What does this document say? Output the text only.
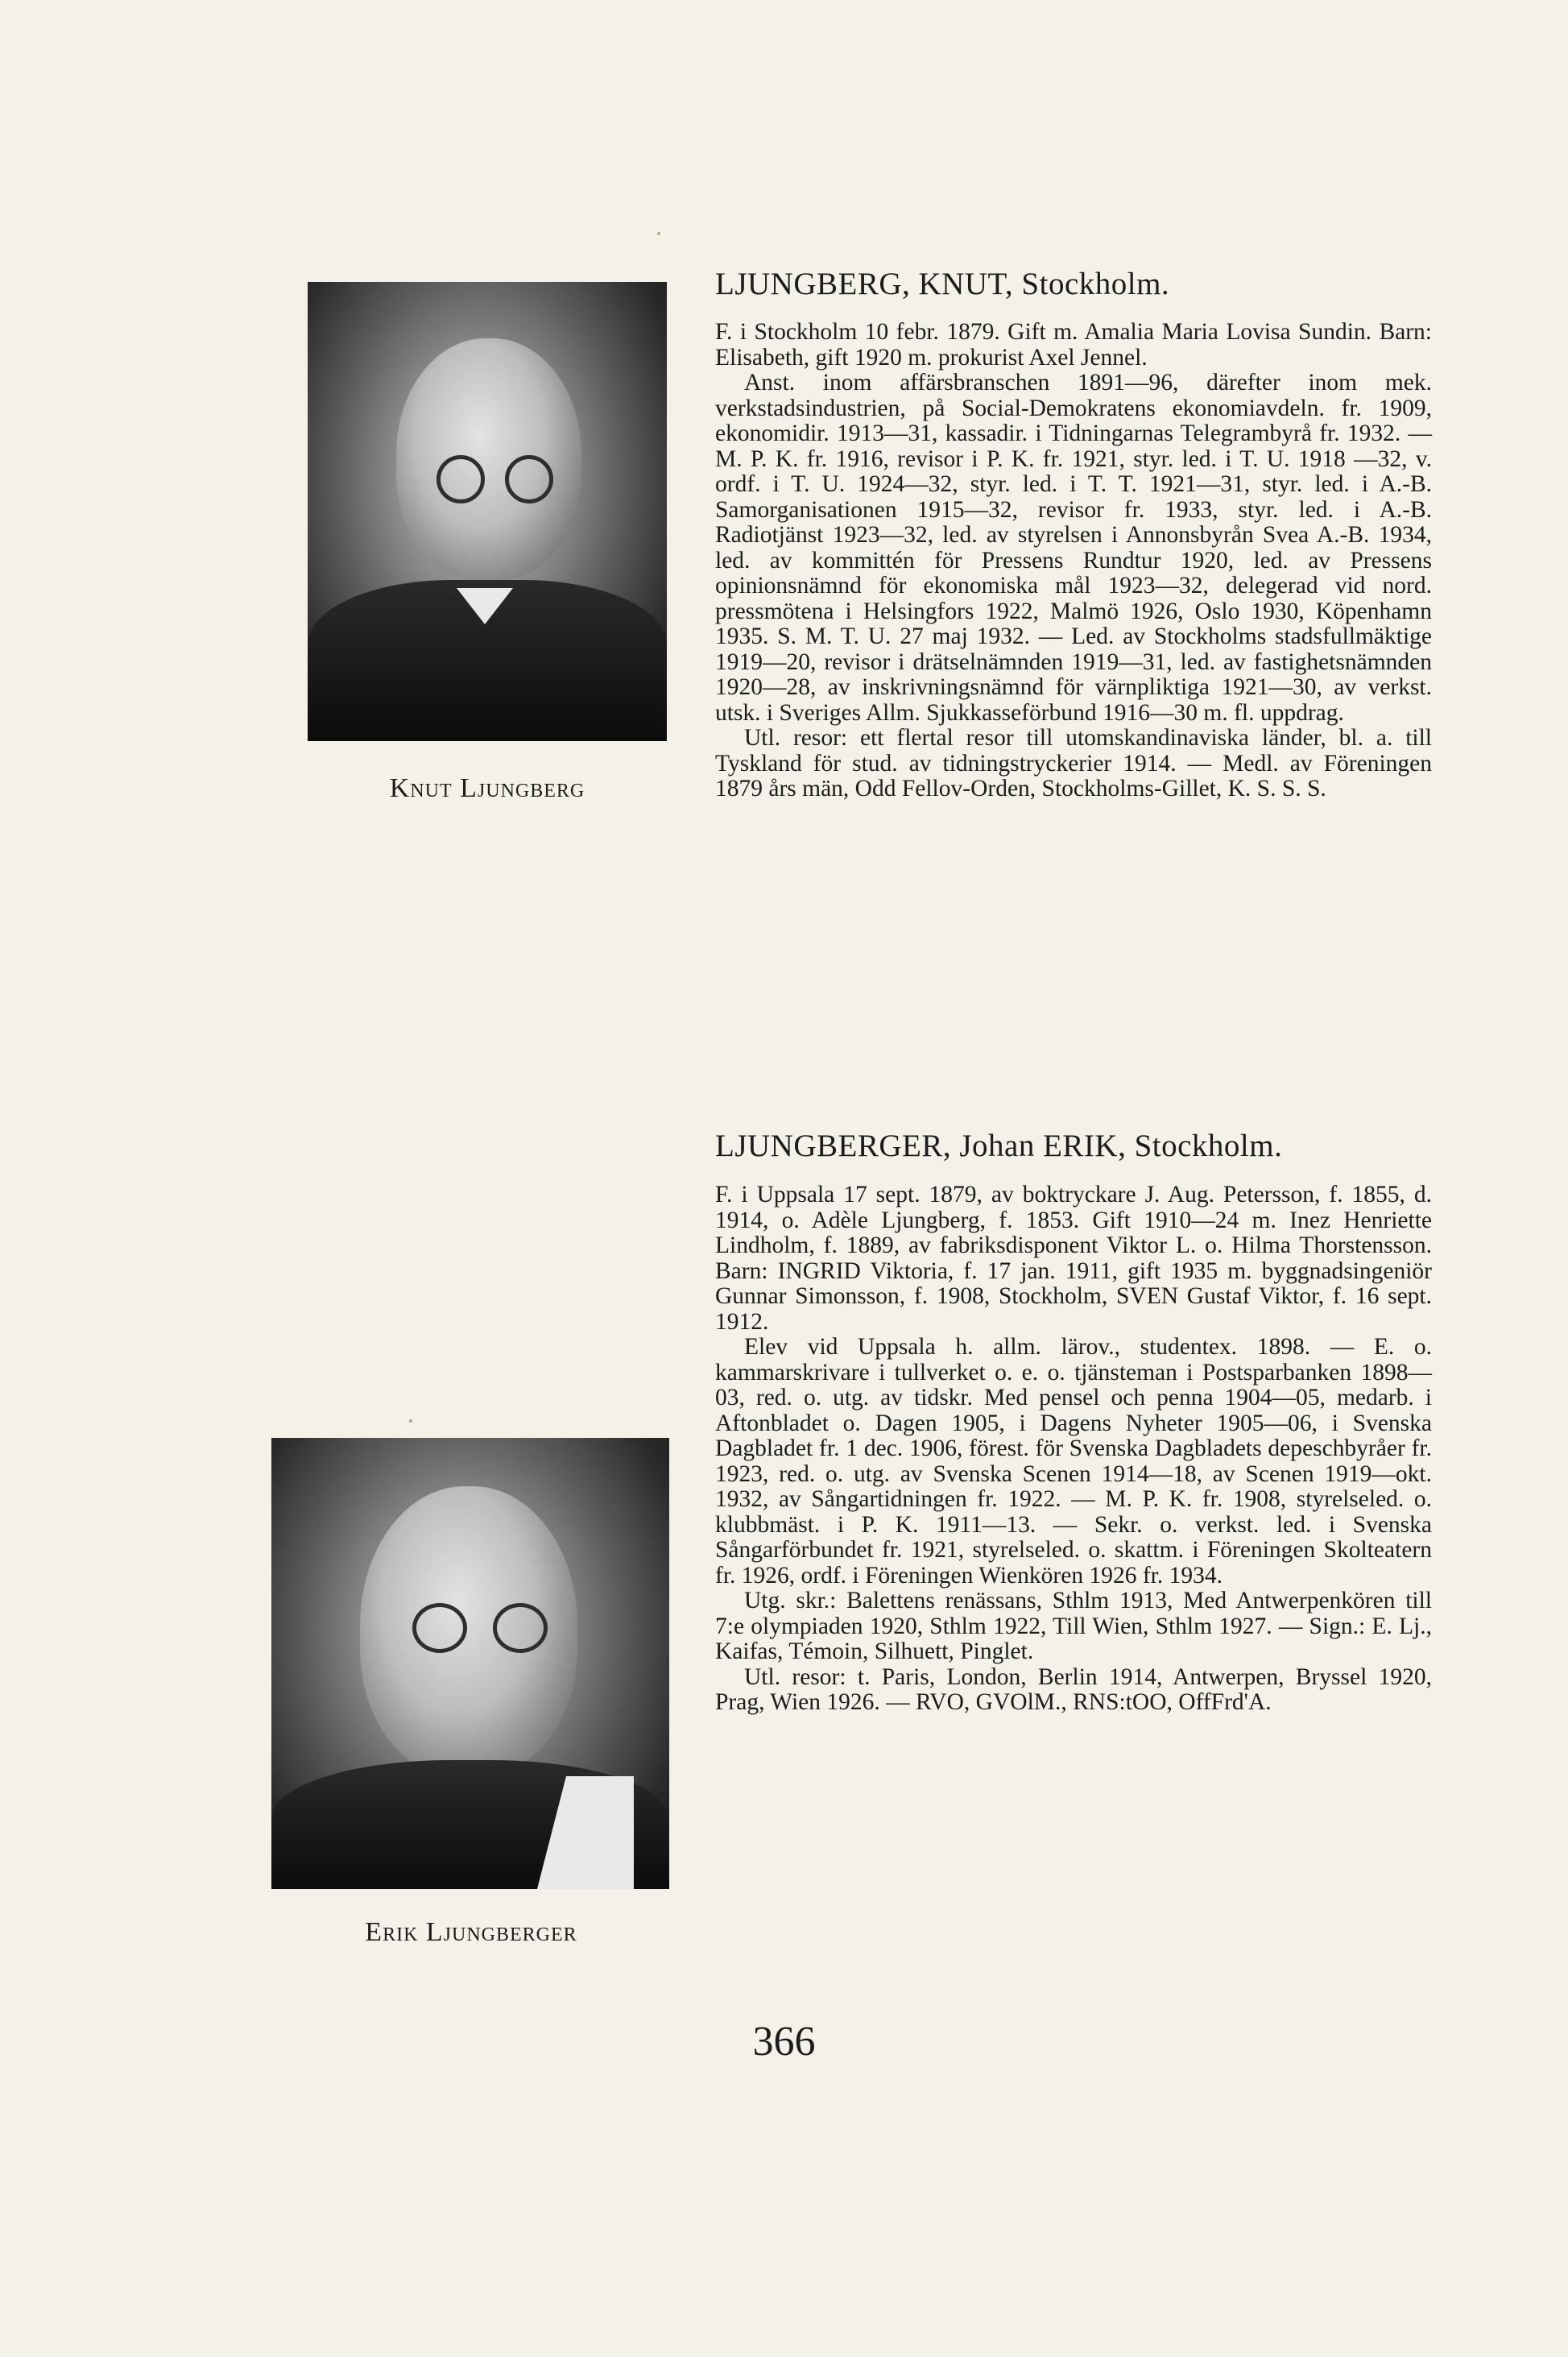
Knut Ljungberg
Erik Ljungberger
LJUNGBERG, KNUT, Stockholm.

F. i Stockholm 10 febr. 1879. Gift m. Amalia Maria Lovisa Sundin. Barn: Elisabeth, gift 1920 m. prokurist Axel Jennel.

Anst. inom affärsbranschen 1891—96, därefter inom mek. verkstadsindustrien, på Social-Demokratens ekonomiavdeln. fr. 1909, ekonomidir. 1913—31, kassadir. i Tidningarnas Telegrambyrå fr. 1932. — M. P. K. fr. 1916, revisor i P. K. fr. 1921, styr. led. i T. U. 1918 —32, v. ordf. i T. U. 1924—32, styr. led. i T. T. 1921—31, styr. led. i A.-B. Samorganisationen 1915—32, revisor fr. 1933, styr. led. i A.-B. Radiotjänst 1923—32, led. av styrelsen i Annonsbyrån Svea A.-B. 1934, led. av kommittén för Pressens Rundtur 1920, led. av Pressens opinionsnämnd för ekonomiska mål 1923—32, delegerad vid nord. pressmötena i Helsingfors 1922, Malmö 1926, Oslo 1930, Köpenhamn 1935. S. M. T. U. 27 maj 1932. — Led. av Stockholms stadsfullmäktige 1919—20, revisor i drätselnämnden 1919—31, led. av fastighetsnämnden 1920—28, av inskrivningsnämnd för värnpliktiga 1921—30, av verkst. utsk. i Sveriges Allm. Sjukkasseförbund 1916—30 m. fl. uppdrag.

Utl. resor: ett flertal resor till utomskandinaviska länder, bl. a. till Tyskland för stud. av tidningstryckerier 1914. — Medl. av Föreningen 1879 års män, Odd Fellov-Orden, Stockholms-Gillet, K. S. S. S.

LJUNGBERGER, Johan ERIK, Stockholm.

F. i Uppsala 17 sept. 1879, av boktryckare J. Aug. Petersson, f. 1855, d. 1914, o. Adèle Ljungberg, f. 1853. Gift 1910—24 m. Inez Henriette Lindholm, f. 1889, av fabriksdisponent Viktor L. o. Hilma Thorstensson. Barn: INGRID Viktoria, f. 17 jan. 1911, gift 1935 m. byggnadsingeniör Gunnar Simonsson, f. 1908, Stockholm, SVEN Gustaf Viktor, f. 16 sept. 1912.

Elev vid Uppsala h. allm. lärov., studentex. 1898. — E. o. kammarskrivare i tullverket o. e. o. tjänsteman i Postsparbanken 1898—03, red. o. utg. av tidskr. Med pensel och penna 1904—05, medarb. i Aftonbladet o. Dagen 1905, i Dagens Nyheter 1905—06, i Svenska Dagbladet fr. 1 dec. 1906, förest. för Svenska Dagbladets depeschbyråer fr. 1923, red. o. utg. av Svenska Scenen 1914—18, av Scenen 1919—okt. 1932, av Sångartidningen fr. 1922. — M. P. K. fr. 1908, styrelseled. o. klubbmäst. i P. K. 1911—13. — Sekr. o. verkst. led. i Svenska Sångarförbundet fr. 1921, styrelseled. o. skattm. i Föreningen Skolteatern fr. 1926, ordf. i Föreningen Wienkören 1926 fr. 1934.

Utg. skr.: Balettens renässans, Sthlm 1913, Med Antwerpenkören till 7:e olympiaden 1920, Sthlm 1922, Till Wien, Sthlm 1927. — Sign.: E. Lj., Kaifas, Témoin, Silhuett, Pinglet.

Utl. resor: t. Paris, London, Berlin 1914, Antwerpen, Bryssel 1920, Prag, Wien 1926. — RVO, GVOlM., RNS:tOO, OffFrd'A.

366
